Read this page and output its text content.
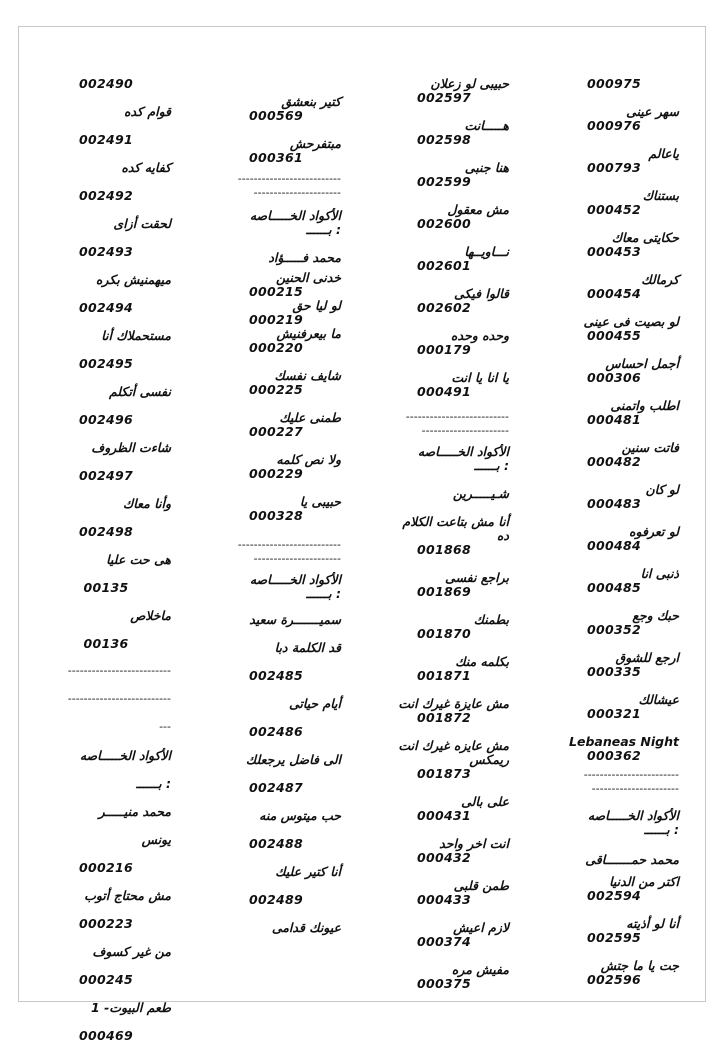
002490
قوام كده
002491
كفايه كده
002492
لحقت أزاى
002493
ميهمنيش بكره
002494
مستحملاك أنا
002495
نفسى أتكلم
002496
شاءت الظروف
002497
وأنا معاك
002498
هى حت عليا
00135
ماخلاص
00136
--------------------------
--------------------------
---
الأكواد الخـــــاصه
بــــــ :
محمد منيـــــر
يونس
000216
مش محتاج أتوب
000223
من غير كسوف
000245
طعم البيوت- 1
000469
كتير بنعشق
000569
مبتفرحش
000361
--------------------------
----------------------
الأكواد الخـــــاصه
بــــــ :
محمد فـــــؤاد
خدنى الحنين
000215
لو ليا حق
000219
ما بيعرفنيش
000220
شايف نفسك
000225
طمنى عليك
000227
ولا نص كلمه
000229
حبيبى يا
000328
--------------------------
----------------------
الأكواد الخـــــاصه
بــــــ :
سميـــــــرة سعيد
قد الكلمة دبا
002485
أيام حياتى
002486
الى فاضل يرجعلك
002487
حب ميتوس منه
002488
أنا كتير عليك
002489
عيونك قدامى
حبيبى لو زعلان
002597
هـــــانت
002598
هنا جنبى
002599
مش معقول
002600
نـــاويــها
002601
قالوا فيكى
002602
وحده وحده
000179
يا انا يا انت
000491
--------------------------
----------------------
الأكواد الخـــــاصه
بــــــ :
شـيـــــرين
أنا مش بتاعت الكلام
ده
001868
براجع نفسى
001869
بطمنك
001870
بكلمه منك
001871
مش عايزة غيرك انت
001872
مش عايزه غيرك انت
ريمكس
001873
على بالى
000431
انت اخر واحد
000432
طمن قلبى
000433
لازم اعيش
000374
مفيش مره
000375
000975
سهر عينى
000976
ياعالم
000793
بستناك
000452
حكايتى معاك
000453
كرمالك
000454
لو بصيت فى عينى
000455
أجمل احساس
000306
اطلب واتمنى
000481
فاتت سنين
000482
لو كان
000483
لو تعرفوه
000484
ذنبى انا
000485
حبك وجع
000352
ارجع للشوق
000335
عيشالك
000321
Lebaneas Night
000362
------------------------
----------------------
الأكواد الخـــــاصه
بــــــ :
محمد حمـــــــاقى
اكتر من الدنيا
002594
أنا لو أذيته
002595
جت يا ما جتش
002596
